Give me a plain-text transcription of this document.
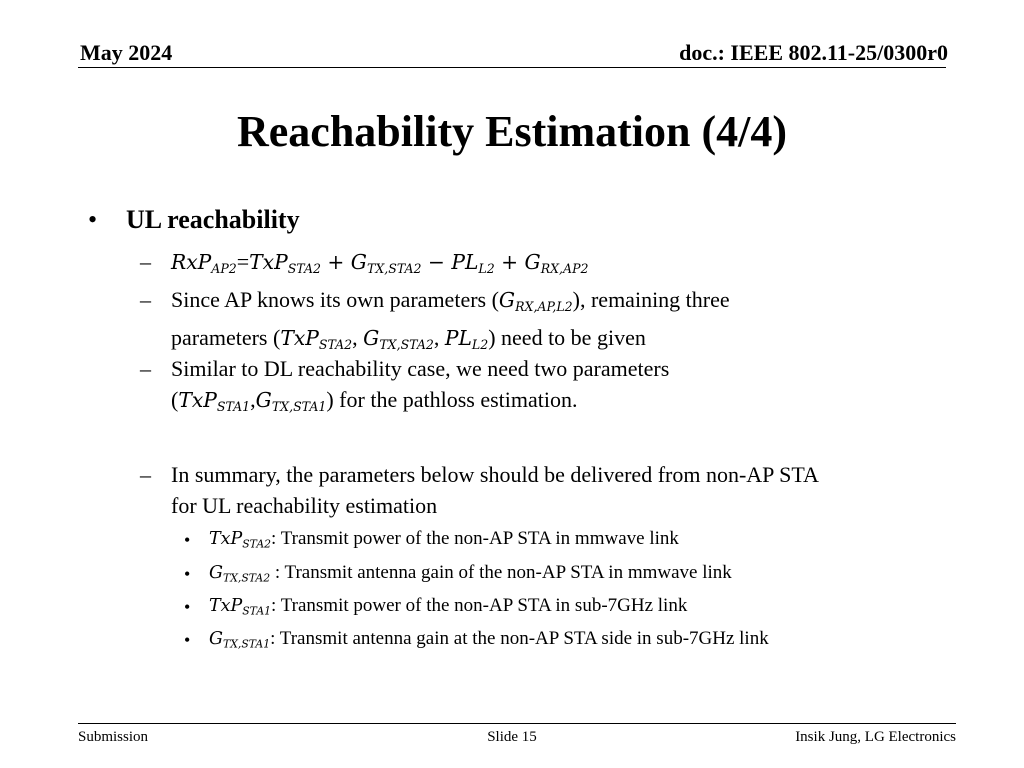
May 2024	doc.: IEEE 802.11-25/0300r0
Reachability Estimation (4/4)
• UL reachability
– $RxP_{AP2}=TxP_{STA2} + G_{TX,STA2} - PL_{L2} + G_{RX,AP2}$
– Since AP knows its own parameters $(G_{RX,AP,L2})$, remaining three
parameters (TxP$_{STA2}$, $G_{TX,STA2}$, $PL_{L2}$) need to be given
– Similar to DL reachability case, we need two parameters
$(TxP_{STA1},G_{TX,STA1})$ for the pathloss estimation.
– In summary, the parameters below should be delivered from non-AP STA
for UL reachability estimation
• TxP$_{STA2}$: Transmit power of the non-AP STA in mmwave link
• $G_{TX,STA2}$ : Transmit antenna gain of the non-AP STA in mmwave link
• TxP$_{STA1}$: Transmit power of the non-AP STA in sub-7GHz link
• $G_{TX,STA1}$: Transmit antenna gain at the non-AP STA side in sub-7GHz link
Submission	Slide 15	Insik Jung, LG Electronics
